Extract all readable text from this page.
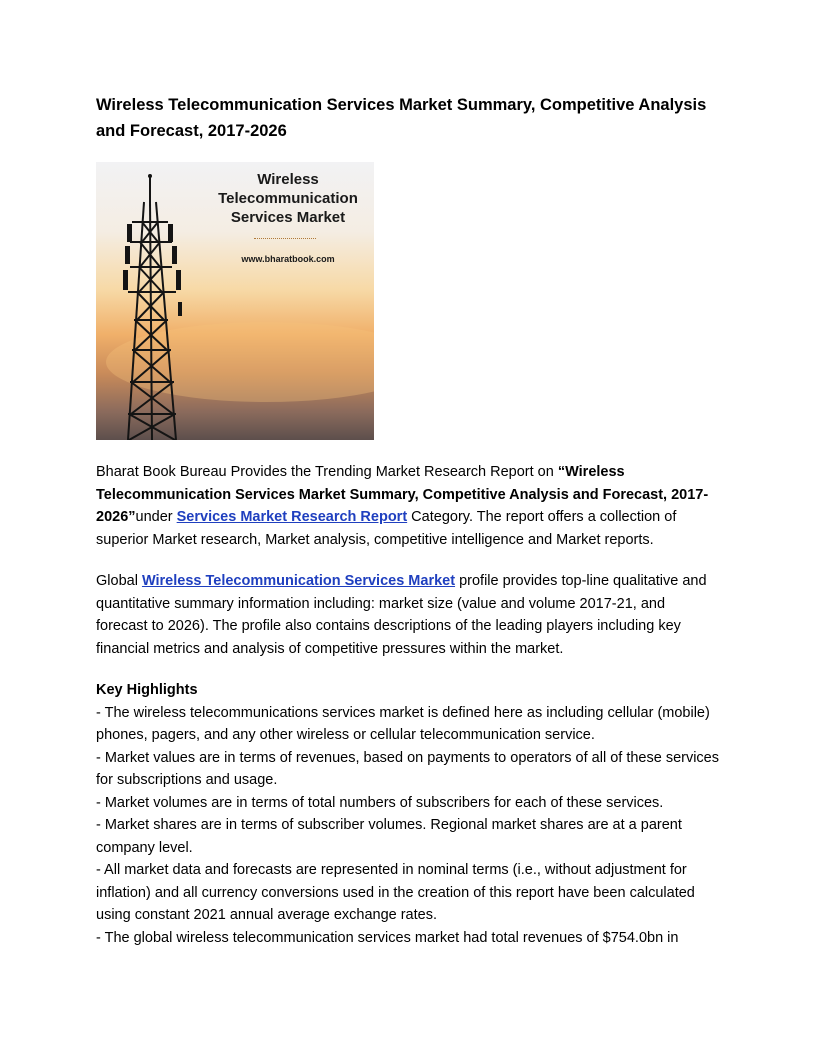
Wireless Telecommunication Services Market Summary, Competitive Analysis and Forecast, 2017-2026
Wireless
Telecommunication
Services Market
www.bharatbook.com

Bharat Book Bureau Provides the Trending Market Research Report on “Wireless Telecommunication Services Market Summary, Competitive Analysis and Forecast, 2017-2026”under Services Market Research Report Category. The report offers a collection of superior Market research, Market analysis, competitive intelligence and Market reports.

Global Wireless Telecommunication Services Market profile provides top-line qualitative and quantitative summary information including: market size (value and volume 2017-21, and forecast to 2026). The profile also contains descriptions of the leading players including key financial metrics and analysis of competitive pressures within the market.

Key Highlights

- The wireless telecommunications services market is defined here as including cellular (mobile) phones, pagers, and any other wireless or cellular telecommunication service.

- Market values are in terms of revenues, based on payments to operators of all of these services for subscriptions and usage.

- Market volumes are in terms of total numbers of subscribers for each of these services.

- Market shares are in terms of subscriber volumes. Regional market shares are at a parent company level.

- All market data and forecasts are represented in nominal terms (i.e., without adjustment for inflation) and all currency conversions used in the creation of this report have been calculated using constant 2021 annual average exchange rates.

- The global wireless telecommunication services market had total revenues of $754.0bn in
